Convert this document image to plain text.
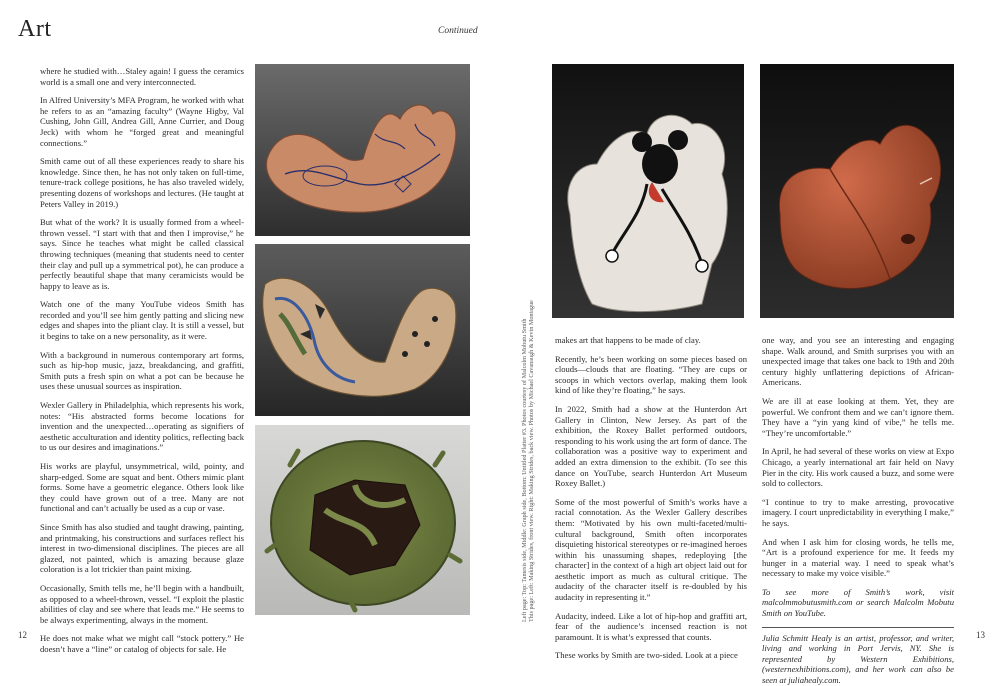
Art	Continued

where he studied with…Staley again! I guess the ceramics world is a small one and very interconnected.

In Alfred University’s MFA Program, he worked with what he refers to as an “amazing faculty” (Wayne Higby, Val Cushing, John Gill, Andrea Gill, Anne Currier, and Doug Jeck) with whom he “forged great and meaningful connections.”

Smith came out of all these experiences ready to share his knowledge. Since then, he has not only taken on full-time, tenure-track college positions, he has also traveled widely, presenting dozens of workshops and lectures. (He taught at Peters Valley in 2019.)

But what of the work? It is usually formed from a wheel-thrown vessel. “I start with that and then I improvise,” he says. Since he teaches what might be called classical throwing techniques (meaning that students need to center their clay and pull up a symmetrical pot), he can produce a perfectly beautiful shape that many ceramicists would be happy to leave as is.

Watch one of the many YouTube videos Smith has recorded and you’ll see him gently patting and slicing new edges and shapes into the pliant clay. It is still a vessel, but it begins to take on a new personality, as it were.

With a background in numerous contemporary art forms, such as hip-hop music, jazz, breakdancing, and graffiti, Smith puts a fresh spin on what a pot can be because he uses these unusual sources as inspiration.

Wexler Gallery in Philadelphia, which represents his work, notes: “His abstracted forms become locations for invention and the unexpected…operating as signifiers of aesthetic acculturation and identity politics, reflecting back to us our desires and imaginations.”

His works are playful, unsymmetrical, wild, pointy, and sharp-edged. Some are squat and bent. Others mimic plant forms. Some have a geometric elegance. Others look like they could have grown out of a tree. Many are not functional and can’t actually be used as a cup or vase.

Since Smith has also studied and taught drawing, painting, and printmaking, his constructions and surfaces reflect his interest in two-dimensional disciplines. The pieces are all glazed, not painted, which is amazing because glaze coloration is a lot trickier than paint mixing.

Occasionally, Smith tells me, he’ll begin with a handbuilt, as opposed to a wheel-thrown, vessel. “I exploit the plastic abilities of clay and see where that leads me.” He seems to be always experimenting, always in the moment.

He does not make what we might call “stock pottery.” He doesn’t have a “line” or catalog of objects for sale. He

12
Left page: Top: Tamesis side, Middle: Graph side, Bottom: Untitled Platter #3. Photos courtesy of Malcolm Mobutu Smith This page: Left: Making Strides, front view. Right: Making Strides, back view. Photos by Michael Cavanaugh & Kevin Montague makes art that happens to be made of clay.

Recently, he’s been working on some pieces based on clouds—clouds that are floating. “They are cups or scoops in which vectors overlap, making them look kind of like they’re floating,” he says.

In 2022, Smith had a show at the Hunterdon Art Gallery in Clinton, New Jersey. As part of the exhibition, the Roxey Ballet performed outdoors, responding to his work using the art form of dance. The collaboration was a positive way to experiment and added an extra dimension to the exhibit. (To see this dance on YouTube, search Hunterdon Art Museum Roxey Ballet.)

Some of the most powerful of Smith’s works have a racial connotation. As the Wexler Gallery describes them: “Motivated by his own multi-faceted/multi-cultural background, Smith often incorporates disquieting historical stereotypes or re-imagined heroes within his unassuming shapes, redeploying [the character] in the context of a high art object laid out for aesthetic import as much as cultural critique. The audacity of the character itself is re-doubled by his audacity in representing it.”

Audacity, indeed. Like a lot of hip-hop and graffiti art, fear of the audience’s incensed reaction is not paramount. It is what’s expressed that counts.

These works by Smith are two-sided. Look at a piece

one way, and you see an interesting and engaging shape. Walk around, and Smith surprises you with an unexpected image that takes one back to 19th and 20th century highly unflattering depictions of African-Americans.

We are ill at ease looking at them. Yet, they are powerful. We confront them and we can’t ignore them. They have a “yin yang kind of vibe,” he tells me. “They’re uncomfortable.”

In April, he had several of these works on view at Expo Chicago, a yearly international art fair held on Navy Pier in the city. His work caused a buzz, and some were sold to collectors.

“I continue to try to make arresting, provocative imagery. I court unpredictability in everything I make,” he says.

And when I ask him for closing words, he tells me, “Art is a profound experience for me. It feeds my hunger in a material way. I need to speak what’s necessary to make my voice visible.”

To see more of Smith’s work, visit malcolmmobutusmith.com or search Malcolm Mobutu Smith on YouTube.

Julia Schmitt Healy is an artist, professor, and writer, living and working in Port Jervis, NY. She is represented by Western Exhibitions, (westernexhibitions.com), and her work can also be seen at juliahealy.com.

13
